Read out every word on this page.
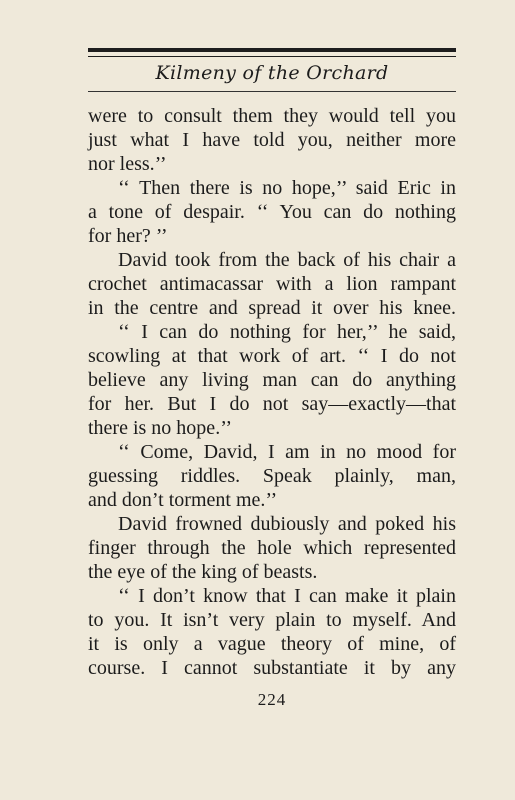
Kilmeny of the Orchard
were to consult them they would tell you
just what I have told you, neither more
nor less.’’
‘‘ Then there is no hope,’’ said Eric in
a tone of despair. ‘‘ You can do nothing
for her? ’’
David took from the back of his chair a
crochet antimacassar with a lion rampant
in the centre and spread it over his knee.
‘‘ I can do nothing for her,’’ he said,
scowling at that work of art. ‘‘ I do not
believe any living man can do anything
for her. But I do not say—exactly—that
there is no hope.’’
‘‘ Come, David, I am in no mood for
guessing riddles. Speak plainly, man,
and don’t torment me.’’
David frowned dubiously and poked his
finger through the hole which represented
the eye of the king of beasts.
‘‘ I don’t know that I can make it plain
to you. It isn’t very plain to myself. And
it is only a vague theory of mine, of
course. I cannot substantiate it by any
224
